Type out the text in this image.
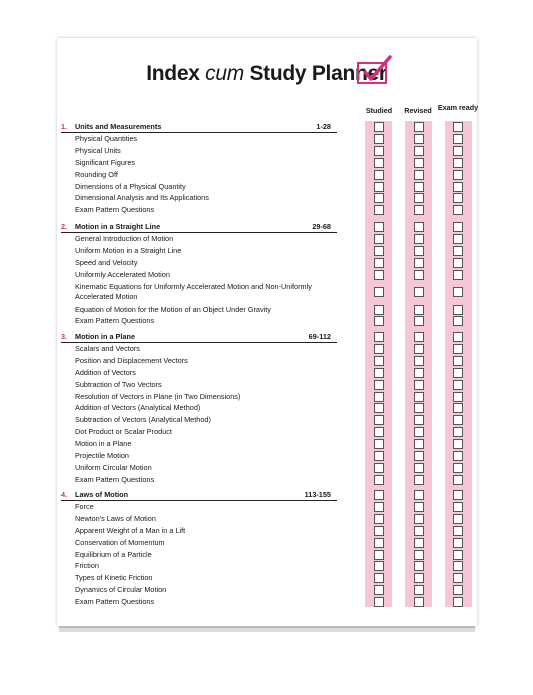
Index cum Study Planner
Studied	Revised Exam ready
1. Units and Measurements	1-28
Physical Quantities
Physical Units
Significant Figures
Rounding Off
Dimensions of a Physical Quantity
Dimensional Analysis and Its Applications
Exam Pattern Questions
2. Motion in a Straight Line	29-68
General Introduction of Motion
Uniform Motion in a Straight Line
Speed and Velocity
Uniformly Accelerated Motion
Kinematic Equations for Uniformly Accelerated Motion and Non-Uniformly Accelerated Motion
Equation of Motion for the Motion of an Object Under Gravity
Exam Pattern Questions
3. Motion in a Plane	69-112
Scalars and Vectors
Position and Displacement Vectors
Addition of Vectors
Subtraction of Two Vectors
Resolution of Vectors in Plane (in Two Dimensions)
Addition of Vectors (Analytical Method)
Subtraction of Vectors (Analytical Method)
Dot Product or Scalar Product
Motion in a Plane
Projectile Motion
Uniform Circular Motion
Exam Pattern Questions
4. Laws of Motion	113-155
Force
Newton's Laws of Motion
Apparent Weight of a Man in a Lift
Conservation of Momentum
Equilibrium of a Particle
Friction
Types of Kinetic Friction
Dynamics of Circular Motion
Exam Pattern Questions
